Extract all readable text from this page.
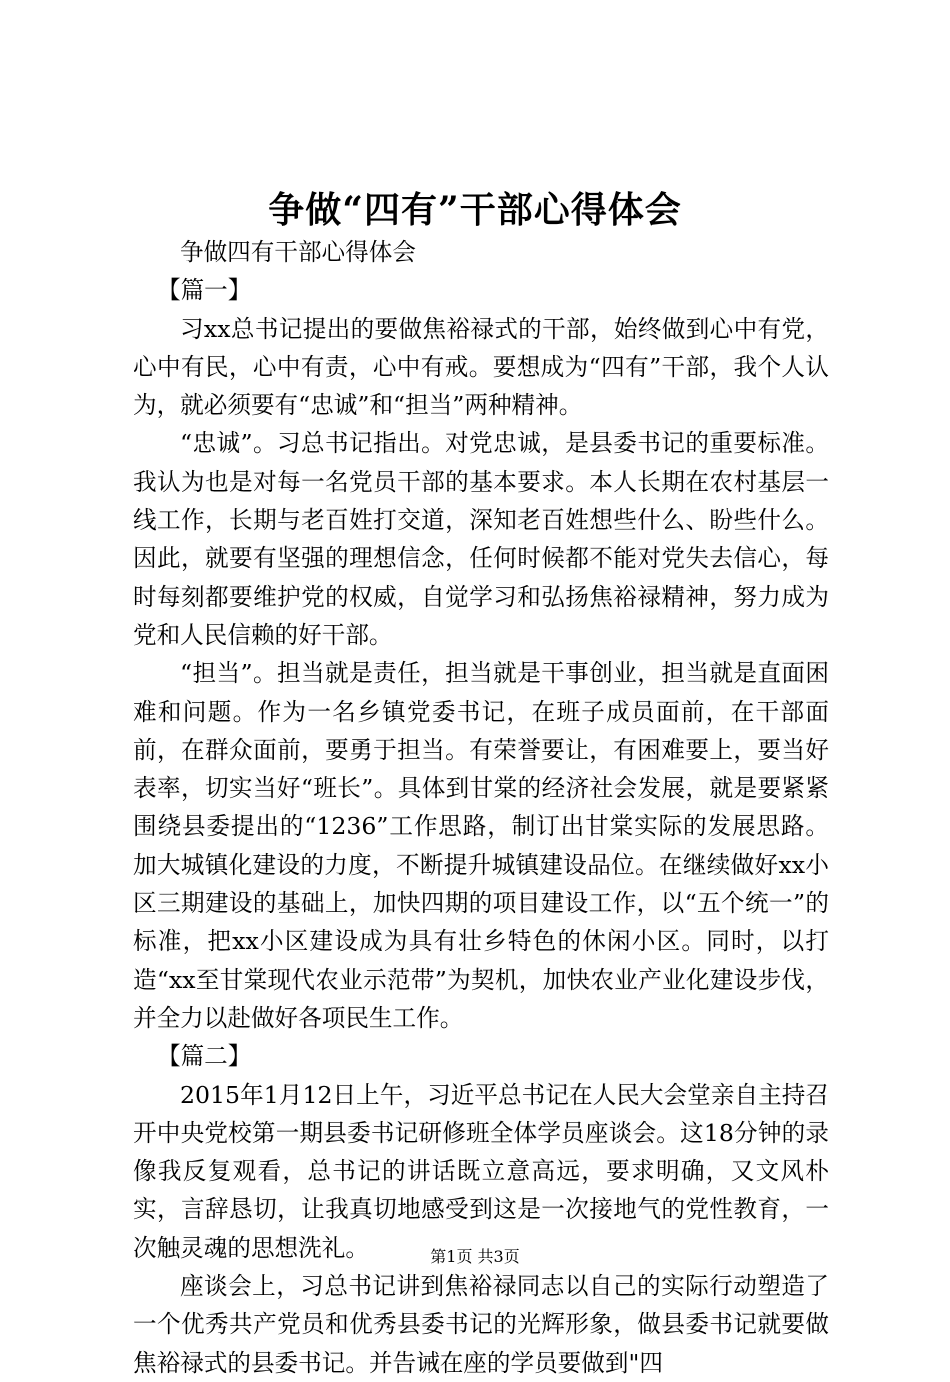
争做“四有”干部心得体会

争做四有干部心得体会

【篇一】

习xx总书记提出的要做焦裕禄式的干部，始终做到心中有党，心中有民，心中有责，心中有戒。要想成为“四有”干部，我个人认为，就必须要有“忠诚”和“担当”两种精神。

“忠诚”。习总书记指出。对党忠诚，是县委书记的重要标准。我认为也是对每一名党员干部的基本要求。本人长期在农村基层一线工作，长期与老百姓打交道，深知老百姓想些什么、盼些什么。因此，就要有坚强的理想信念，任何时候都不能对党失去信心，每时每刻都要维护党的权威，自觉学习和弘扬焦裕禄精神，努力成为党和人民信赖的好干部。

“担当”。担当就是责任，担当就是干事创业，担当就是直面困难和问题。作为一名乡镇党委书记，在班子成员面前，在干部面前，在群众面前，要勇于担当。有荣誉要让，有困难要上，要当好表率，切实当好“班长”。具体到甘棠的经济社会发展，就是要紧紧围绕县委提出的“1236”工作思路，制订出甘棠实际的发展思路。加大城镇化建设的力度，不断提升城镇建设品位。在继续做好xx小区三期建设的基础上，加快四期的项目建设工作，以“五个统一”的标准，把xx小区建设成为具有壮乡特色的休闲小区。同时，以打造“xx至甘棠现代农业示范带”为契机，加快农业产业化建设步伐，并全力以赴做好各项民生工作。

【篇二】

2015年1月12日上午，习近平总书记在人民大会堂亲自主持召开中央党校第一期县委书记研修班全体学员座谈会。这18分钟的录像我反复观看，总书记的讲话既立意高远，要求明确，又文风朴实，言辞恳切，让我真切地感受到这是一次接地气的党性教育，一次触灵魂的思想洗礼。

座谈会上，习总书记讲到焦裕禄同志以自己的实际行动塑造了一个优秀共产党员和优秀县委书记的光辉形象，做县委书记就要做焦裕禄式的县委书记。并告诫在座的学员要做到"四

第1页 共3页
